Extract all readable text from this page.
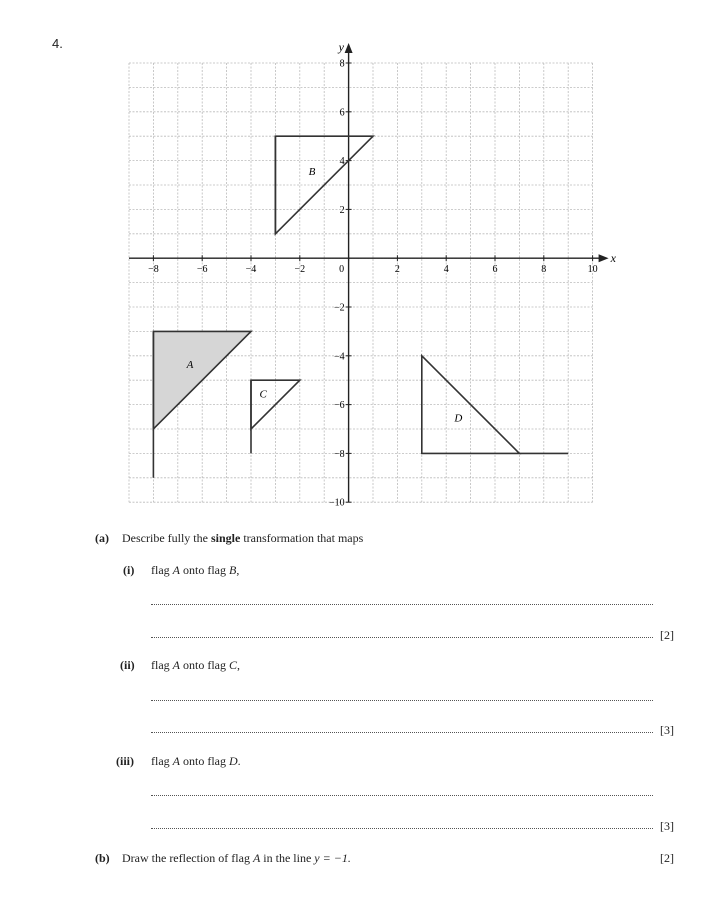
4.
x
y
−8	−6	−4	−2	0	2	4	6	8	10
8
6
4
2
−2
−4
−6
−8
−10
A
B
C
D
(a) Describe fully the single transformation that maps
(i) flag A onto flag B,
[2]
(ii) flag A onto flag C,
[3]
(iii) flag A onto flag D.
[3]
(b) Draw the reflection of flag A in the line y = −1.	[2]
